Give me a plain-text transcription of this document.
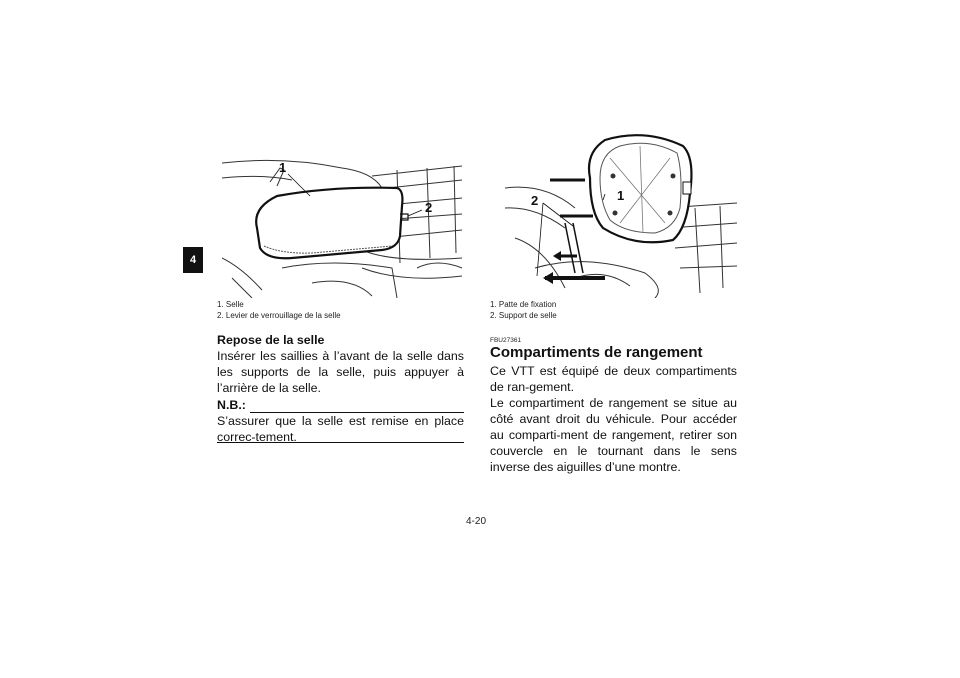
4
1
2
1. Selle
2. Levier de verrouillage de la selle
Repose de la selle
Insérer les saillies à l’avant de la selle dans les supports de la selle, puis appuyer à l’arrière de la selle.
N.B.:
S’assurer que la selle est remise en place correc-tement.
2	1
1. Patte de fixation
2. Support de selle
FBU27361
Compartiments de rangement
Ce VTT est équipé de deux compartiments de ran-gement.
Le compartiment de rangement se situe au côté avant droit du véhicule. Pour accéder au comparti-ment de rangement, retirer son couvercle en le tournant dans le sens inverse des aiguilles d’une montre.
4-20
